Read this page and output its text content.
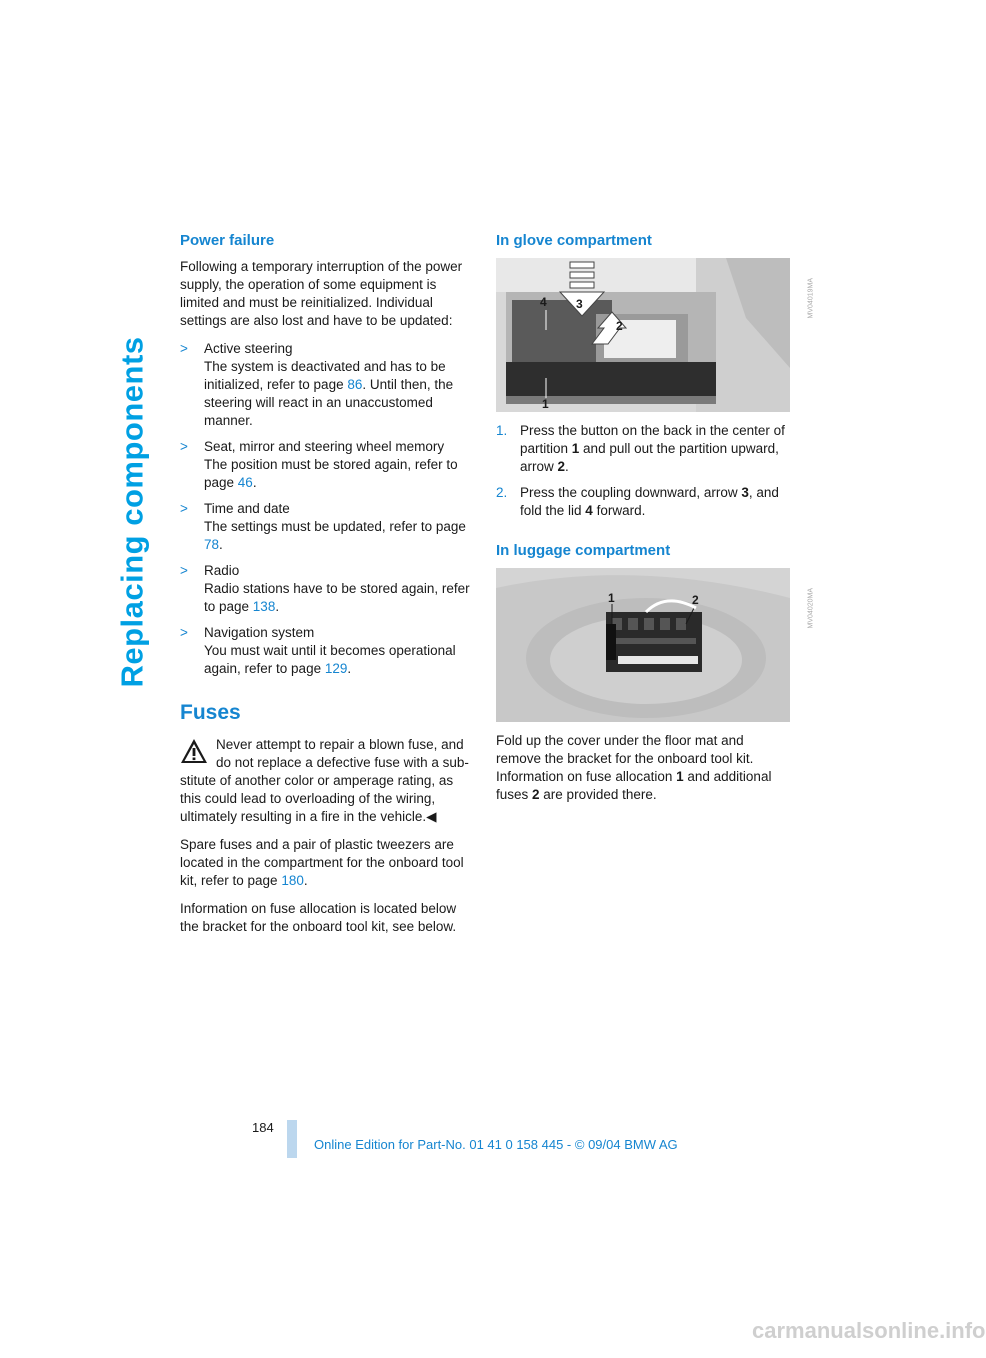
Replacing components
Power failure

Following a temporary interruption of the power supply, the operation of some equipment is limited and must be reinitialized. Individual settings are also lost and have to be updated:

>	Active steering
The system is deactivated and has to be initialized, refer to page 86. Until then, the steering will react in an unaccustomed manner.
>	Seat, mirror and steering wheel memory
The position must be stored again, refer to page 46.
>	Time and date
The settings must be updated, refer to page 78.
>	Radio
Radio stations have to be stored again, refer to page 138.
>	Navigation system
You must wait until it becomes operational again, refer to page 129.
Fuses
Never attempt to repair a blown fuse, and do not replace a defective fuse with a sub-
stitute of another color or amperage rating, as this could lead to overloading of the wiring, ultimately resulting in a fire in the vehicle.◀

Spare fuses and a pair of plastic tweezers are located in the compartment for the onboard tool kit, refer to page 180.

Information on fuse allocation is located below the bracket for the onboard tool kit, see below.

In glove compartment
4 3
2
1
MV04019MA
1. Press the button on the back in the center of partition 1 and pull out the partition upward, arrow 2.
2. Press the coupling downward, arrow 3, and fold the lid 4 forward.
In luggage compartment
1	2	MV04020MA

Fold up the cover under the floor mat and remove the bracket for the onboard tool kit. Information on fuse allocation 1 and additional fuses 2 are provided there.

184
Online Edition for Part-No. 01 41 0 158 445 - © 09/04 BMW AG
carmanualsonline.info
